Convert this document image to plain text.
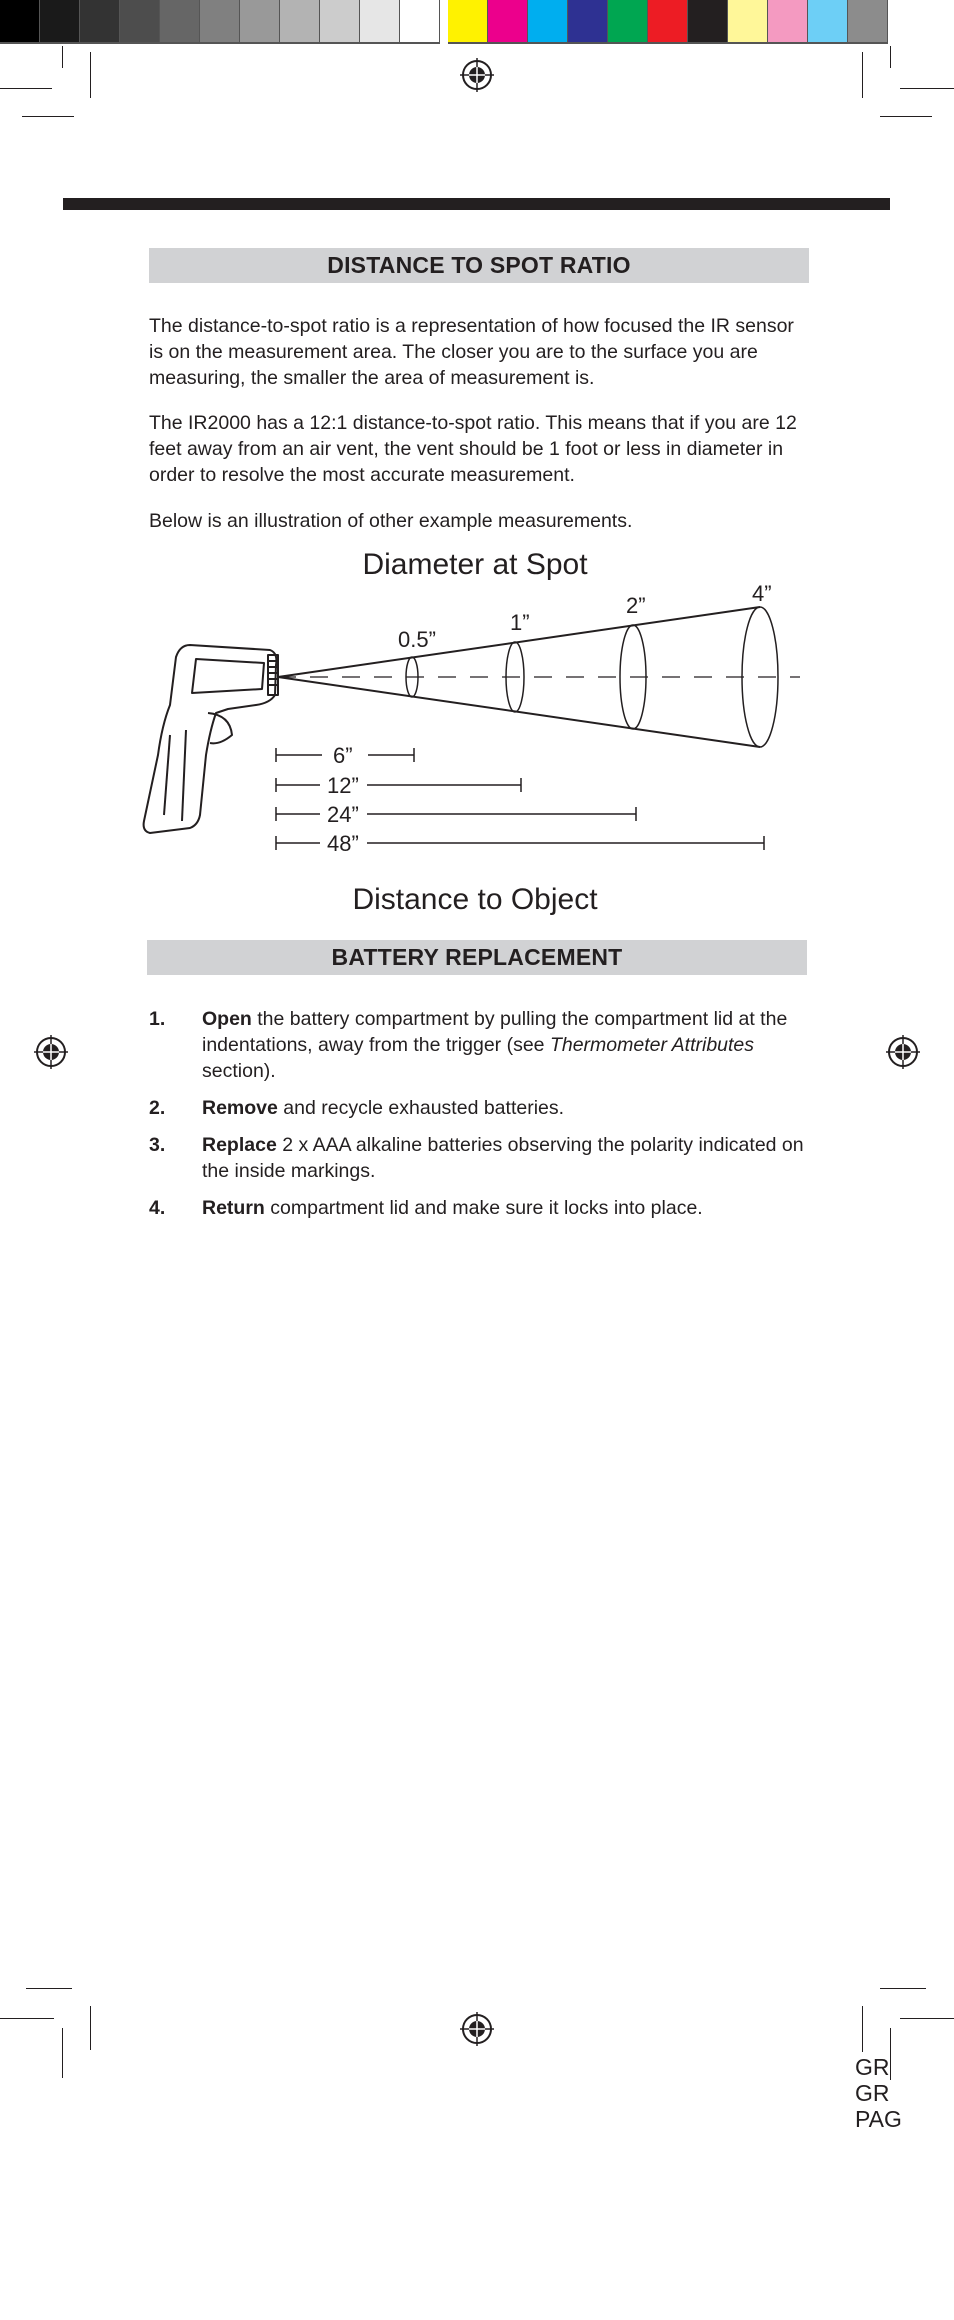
DISTANCE TO SPOT RATIO
The distance-to-spot ratio is a representation of how focused the IR sensor is on the measurement area. The closer you are to the surface you are measuring, the smaller the area of measurement is.
The IR2000 has a 12:1 distance-to-spot ratio. This means that if you are 12 feet away from an air vent, the vent should be 1 foot or less in diameter in order to resolve the most accurate measurement.
Below is an illustration of other example measurements.
Diameter at Spot
0.5”
1”
2”	4”
6”
12”
24”
48”
Distance to Object
BATTERY REPLACEMENT
1. Open the battery compartment by pulling the compartment lid at the indentations, away from the trigger (see Thermometer Attributes section).
2. Remove and recycle exhausted batteries.
3. Replace 2 x AAA alkaline batteries observing the polarity indicated on the inside markings.
4. Return compartment lid and make sure it locks into place.
GR
GR
PAG
